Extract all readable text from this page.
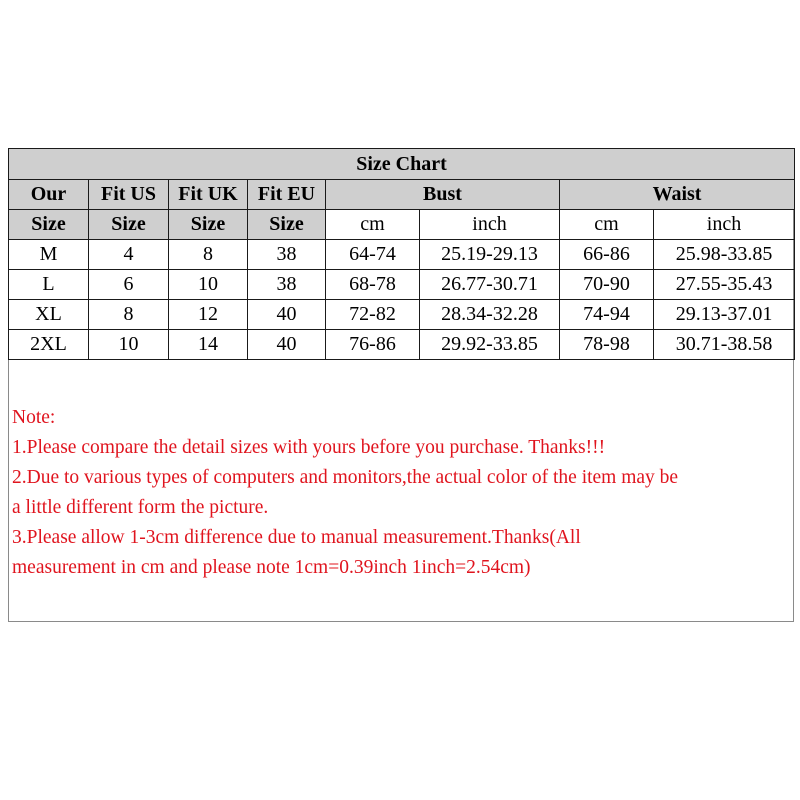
Size Chart							
Our	Fit US	Fit UK	Fit EU	Bust		Waist	
Size	Size	Size	Size	cm	inch	cm	inch
M	4	8	38	64-74	25.19-29.13	66-86	25.98-33.85
L	6	10	38	68-78	26.77-30.71	70-90	27.55-35.43
XL	8	12	40	72-82	28.34-32.28	74-94	29.13-37.01
2XL	10	14	40	76-86	29.92-33.85	78-98	30.71-38.58
Note:
1.Please compare the detail sizes with yours before you purchase. Thanks!!!
2.Due to various types of computers and monitors,the actual color of the item may be
a little different form the picture.
3.Please allow 1-3cm difference due to manual measurement.Thanks(All
measurement in cm and please note 1cm=0.39inch 1inch=2.54cm)
